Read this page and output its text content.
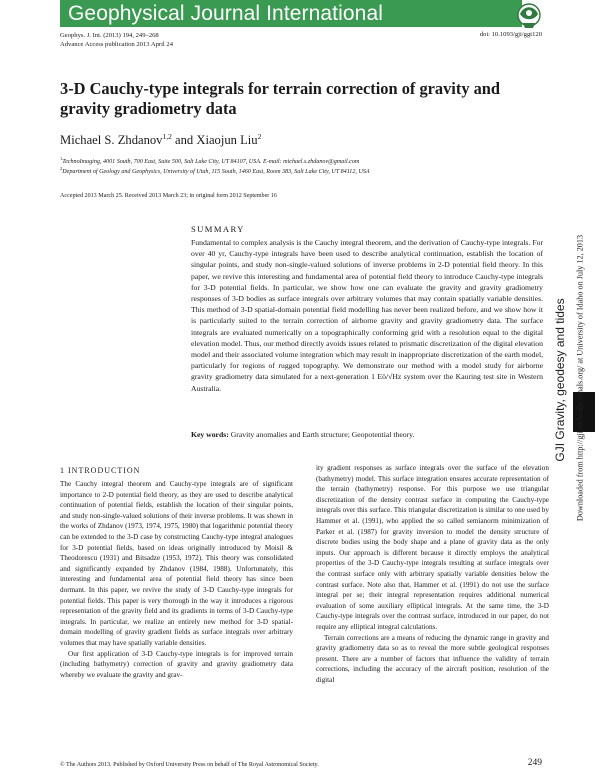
Geophysical Journal International
Geophys. J. Int. (2013) 194, 249–268
Advance Access publication 2013 April 24
doi: 10.1093/gji/ggt120
3-D Cauchy-type integrals for terrain correction of gravity and gravity gradiometry data
Michael S. Zhdanov$^{1,2}$ and Xiaojun Liu$^2$
$^1$TechnoImaging, 4001 South, 700 East, Suite 500, Salt Lake City, UT 84107, USA. E-mail: michael.s.zhdanov@gmail.com
$^2$Department of Geology and Geophysics, University of Utah, 115 South, 1460 East, Room 383, Salt Lake City, UT 84112, USA
Accepted 2013 March 25. Received 2013 March 23; in original form 2012 September 16
SUMMARY

Fundamental to complex analysis is the Cauchy integral theorem, and the derivation of Cauchy-type integrals. For over 40 yr, Cauchy-type integrals have been used to describe analytical continuation, establish the location of singular points, and study non-single-valued solutions of inverse problems in 2-D potential field theory. In this paper, we revive this interesting and fundamental area of potential field theory to introduce Cauchy-type integrals for 3-D potential fields. In particular, we show how one can evaluate the gravity and gravity gradiometry responses of 3-D bodies as surface integrals over arbitrary volumes that may contain spatially variable densities. This method of 3-D spatial-domain potential field modelling has never been realized before, and we show how it is particularly suited to the terrain correction of airborne gravity and gravity gradiometry data. The surface integrals are evaluated numerically on a topographically conforming grid with a resolution equal to the digital elevation model. Thus, our method directly avoids issues related to prismatic discretization of the digital elevation model and their associated volume integration which may result in inappropriate discretization of the earth model, particularly for regions of rugged topography. We demonstrate our method with a model study for airborne gravity gradiometry data simulated for a next-generation 1 Eö/√Hz system over the Kauring test site in Western Australia.

Key words: Gravity anomalies and Earth structure; Geopotential theory.
1 INTRODUCTION

The Cauchy integral theorem and Cauchy-type integrals are of significant importance to 2-D potential field theory, as they are used to describe analytical continuation of potential fields, establish the location of their singular points, and study non-single-valued solutions of their inverse problems. It was shown in the works of Zhdanov (1973, 1974, 1975, 1980) that logarithmic potential theory can be extended to the 3-D case by constructing Cauchy-type integral analogues for 3-D potential fields, based on ideas originally introduced by Moisil & Theodorescu (1931) and Bitsadze (1953, 1972). This theory was consolidated and significantly expanded by Zhdanov (1984, 1988). Unfortunately, this interesting and fundamental area of potential field theory has since been dormant. In this paper, we revive the study of 3-D Cauchy-type integrals for potential fields. This paper is very thorough in the way it introduces a rigorous representation of the gravity field and its gradients in terms of 3-D Cauchy-type integrals. In particular, we realize an entirely new method for 3-D spatial-domain modelling of gravity gradient fields as surface integrals over arbitrary volumes that may have spatially variable densities.

Our first application of 3-D Cauchy-type integrals is for improved terrain (including bathymetry) correction of gravity and gravity gradiometry data whereby we evaluate the gravity and grav-

ity gradient responses as surface integrals over the surface of the elevation (bathymetry) model. This surface integration ensures accurate representation of the terrain (bathymetry) response. For this purpose we use triangular discretization of the density contrast surface in computing the Cauchy-type integrals over this surface. This triangular discretization is similar to one used by Hammer et al. (1991), who applied the so called semianorm minimization of Parker et al. (1987) for gravity inversion to model the density structure of discrete bodies using the body shape and a plane of gravity data as the only inputs. Our approach is different because it directly employs the analytical properties of the 3-D Cauchy-type integrals resulting at surface integrals over the contrast surface only with arbitrary spatially variable densities below the contrast surface. Note also that, Hammer et al. (1991) do not use the surface integral per se; their integral representation requires additional numerical evaluation of some auxiliary elliptical integrals. At the same time, the 3-D Cauchy-type integrals over the contrast surface, introduced in our paper, do not require any elliptical integral calculations.

Terrain corrections are a means of reducing the dynamic range in gravity and gravity gradiometry data so as to reveal the more subtle geological responses present. There are a number of factors that influence the validity of terrain corrections, including the accuracy of the aircraft position, resolution of the digital

© The Authors 2013. Published by Oxford University Press on behalf of The Royal Astronomical Society.	249
GJI Gravity, geodesy and tides Downloaded from http://gji.oxfordjournals.org/ at University of Idaho on July 12, 2013
